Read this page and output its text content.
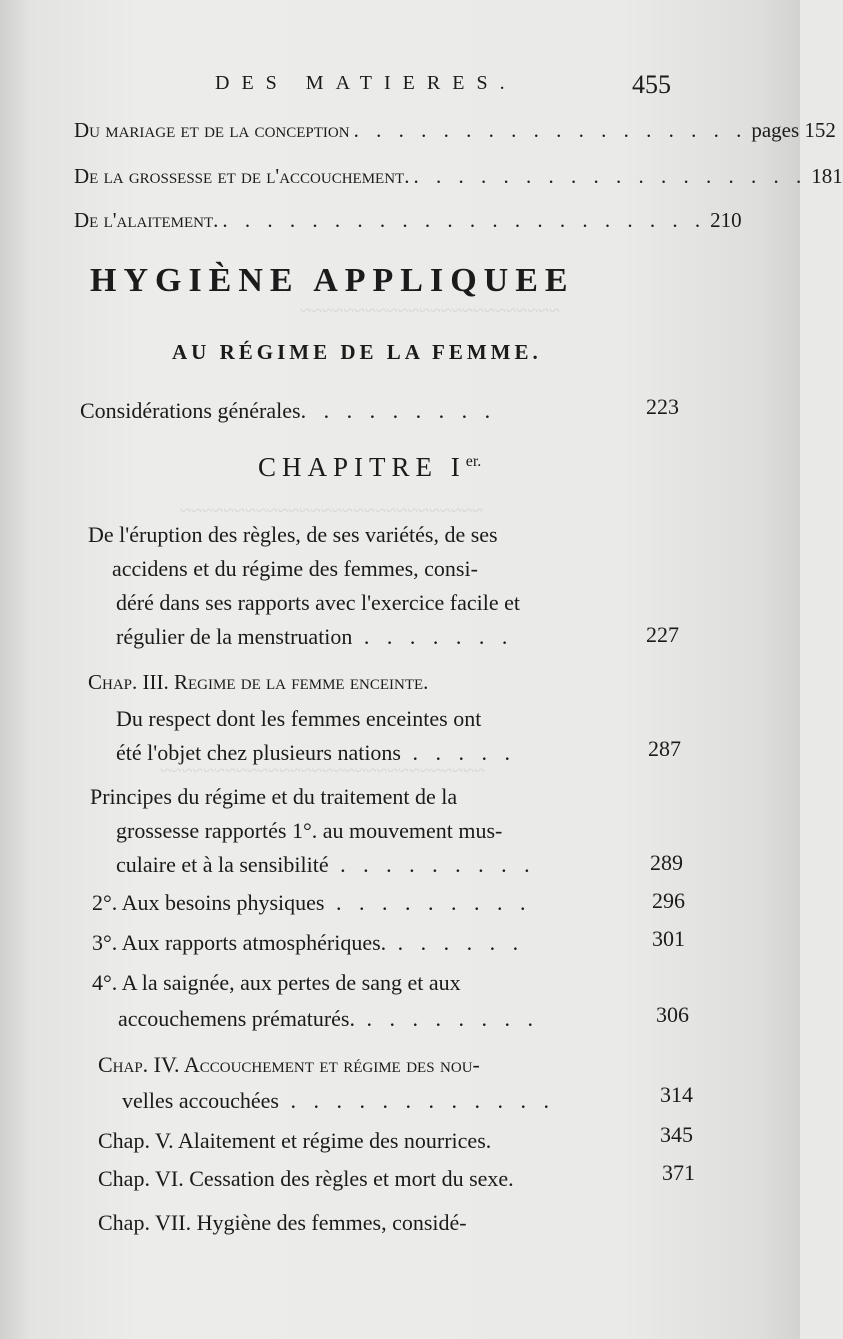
~~~~~~~~~~~~~~~~~~~~~~~~
~~~~~~~~~~~~~~~~~~~~~~~~~~~~
~~~~~~~~~~~~~~~~~~~~~~~~~~~~~~
DES MATIERES.	455
Du mariage et de la conception . . . . . . . . . . . . . . . . . . pages 152
De la grossesse et de l'accouchement. . . . . . . . . . . . . . . . . . . 181
De l'alaitement. . . . . . . . . . . . . . . . . . . . . . . 210
HYGIÈNE APPLIQUEE
AU RÉGIME DE LA FEMME.
Considérations générales. . . . . . . . .	223
CHAPITRE $I^{er.}$
De l'éruption des règles, de ses variétés, de ses
accidens et du régime des femmes, consi-
déré dans ses rapports avec l'exercice facile et
régulier de la menstruation . . . . . . .	227
Chap. III. Regime de la femme enceinte.
Du respect dont les femmes enceintes ont
été l'objet chez plusieurs nations . . . . .	287
Principes du régime et du traitement de la
grossesse rapportés 1°. au mouvement mus-
culaire et à la sensibilité . . . . . . . . .	289
2°. Aux besoins physiques . . . . . . . . .	296
3°. Aux rapports atmosphériques. . . . . . .	301
4°. A la saignée, aux pertes de sang et aux
accouchemens prématurés. . . . . . . . .	306
Chap. IV. Accouchement et régime des nou-
velles accouchées . . . . . . . . . . . .	314
Chap. V. Alaitement et régime des nourrices.	345
Chap. VI. Cessation des règles et mort du sexe.	371
Chap. VII. Hygiène des femmes, considé-
